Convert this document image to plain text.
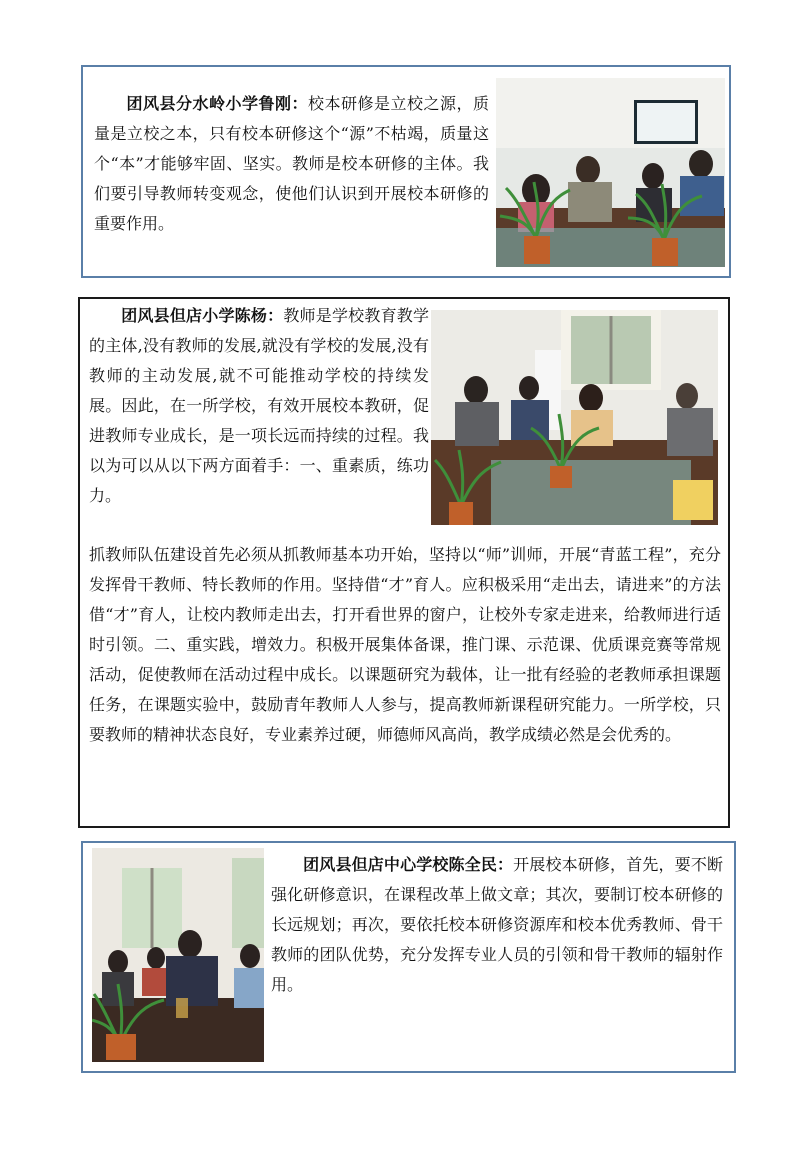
团风县分水岭小学鲁刚：校本研修是立校之源，质量是立校之本，只有校本研修这个“源”不枯竭，质量这个“本”才能够牢固、坚实。教师是校本研修的主体。我们要引导教师转变观念，使他们认识到开展校本研修的重要作用。
团风县但店小学陈杨：教师是学校教育教学的主体,没有教师的发展,就没有学校的发展,没有教师的主动发展,就不可能推动学校的持续发展。因此，在一所学校，有效开展校本教研，促进教师专业成长，是一项长远而持续的过程。我以为可以从以下两方面着手：一、重素质，练功力。
抓教师队伍建设首先必须从抓教师基本功开始，坚持以“师”训师，开展“青蓝工程”，充分发挥骨干教师、特长教师的作用。坚持借“才”育人。应积极采用“走出去，请进来”的方法借“才”育人，让校内教师走出去，打开看世界的窗户，让校外专家走进来，给教师进行适时引领。二、重实践，增效力。积极开展集体备课，推门课、示范课、优质课竞赛等常规活动，促使教师在活动过程中成长。以课题研究为载体，让一批有经验的老教师承担课题任务，在课题实验中，鼓励青年教师人人参与，提高教师新课程研究能力。一所学校，只要教师的精神状态良好，专业素养过硬，师德师风高尚，教学成绩必然是会优秀的。
团风县但店中心学校陈全民：开展校本研修，首先，要不断强化研修意识，在课程改革上做文章；其次，要制订校本研修的长远规划；再次，要依托校本研修资源库和校本优秀教师、骨干教师的团队优势，充分发挥专业人员的引领和骨干教师的辐射作用。
